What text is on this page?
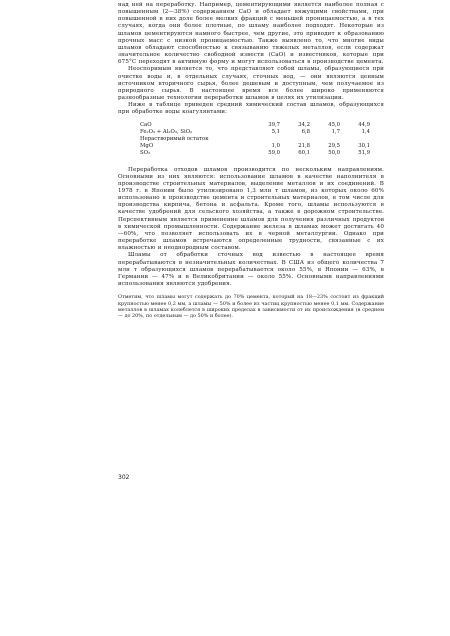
над ней на переработку. Например, цементирующими является наиболее полная с повышенным (2—38%) содержанием CaO и обладает вяжущими свойствами, при повышенной в них доле более мелких фракций с меньшей проницаемостью, а в тех случаях, когда они более плотные, по шламу наиболее подходят. Некоторые из шламов цементируются намного быстрее, чем другие, это приводит к образованию прочных масс с низкой проницаемостью. Также выявлено то, что многие виды шламов обладают способностью к связыванию тяжелых металлов, если содержат значительное количество свободной извести (CaO) и известняков, которые при 675°С переходят в активную форму и могут использоваться в производстве цемента.

Неоспоримым является то, что представляют собой шламы, образующиеся при очистке воды и, в отдельных случаях, сточных вод, — они являются ценным источником вторичного сырья, более дешевым и доступным, чем получаемое из природного сырья. В настоящее время все более широко применяются разнообразные технологии переработки шламов в целях их утилизации.

Ниже в таблице приведен средний химический состав шламов, образующихся при обработке воды коагулянтами:

CaO	39,7	34,2	45,0	44,9
Fe₂O₃ + Al₂O₃, SiO₂	5,1	6,8	1,7	1,4
Нерастворимый остаток				
MgO	1,0	21,8	29,5	30,1
SO₃	59,0	60,1	50,0	51,9

Переработка отходов шламов производится по нескольким направлениям. Основными из них являются: использование шламов в качестве наполнителя в производстве строительных материалов, выделение металлов и их соединений. В 1978 г. в Японии было утилизировано 1,3 млн т шламов, из которых около 60% использовано в производстве цемента и строительных материалов, в том числе для производства кирпича, бетона и асфальта. Кроме того, шламы используются в качестве удобрений для сельского хозяйства, а также в дорожном строительстве. Перспективным является применение шламов для получения различных продуктов в химической промышленности. Содержание железа в шламах может достигать 40—60%, что позволяет использовать их в черной металлургии. Однако при переработке шламов встречаются определенные трудности, связанные с их влажностью и неоднородным составом.

Шламы от обработки сточных вод известью в настоящее время перерабатываются в незначительных количествах. В США из общего количества 7 млн т образующихся шламов перерабатывается около 55%, в Японии — 63%, в Германии — 47% и в Великобритании — около 55%. Основными направлениями использования являются удобрения.

Отметим, что шламы могут содержать до 70% цемента, который на 18—23% состоит из фракций крупностью менее 0,2 мм, а шламы — 50% и более из частиц крупностью менее 0,1 мм. Содержание металлов в шламах колеблется в широких пределах в зависимости от их происхождения (в среднем — до 20%, по отдельным — до 50% и более).

302
